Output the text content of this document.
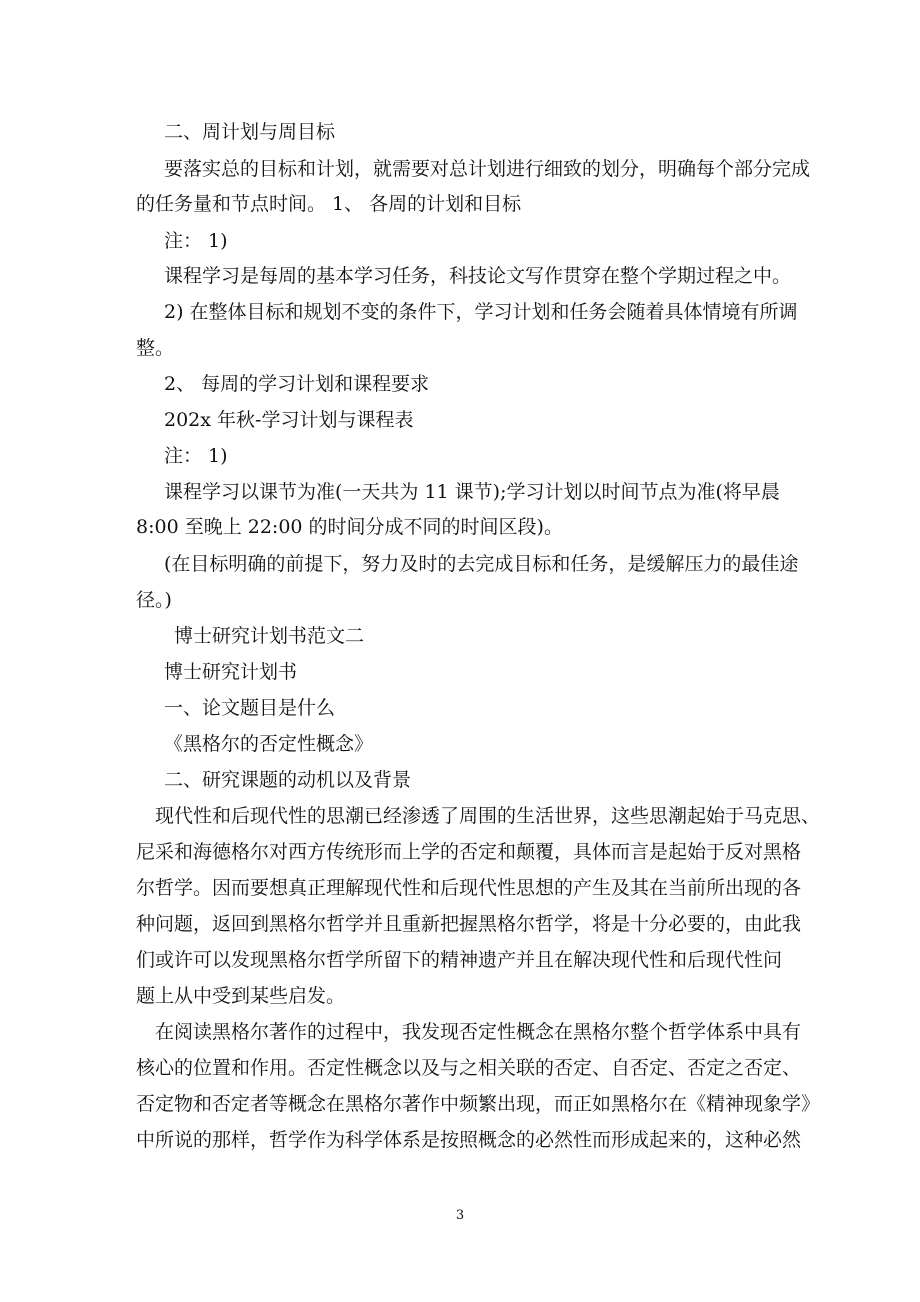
二、周计划与周目标
要落实总的目标和计划，就需要对总计划进行细致的划分，明确每个部分完成
的任务量和节点时间。 1、 各周的计划和目标
注： 1)
课程学习是每周的基本学习任务，科技论文写作贯穿在整个学期过程之中。
2) 在整体目标和规划不变的条件下，学习计划和任务会随着具体情境有所调
整。
2、 每周的学习计划和课程要求
202x 年秋-学习计划与课程表
注： 1)
课程学习以课节为准(一天共为 11 课节);学习计划以时间节点为准(将早晨
8:00 至晚上 22:00 的时间分成不同的时间区段)。
(在目标明确的前提下，努力及时的去完成目标和任务，是缓解压力的最佳途
径。)
博士研究计划书范文二
博士研究计划书
一、论文题目是什么
《黑格尔的否定性概念》
二、研究课题的动机以及背景
现代性和后现代性的思潮已经渗透了周围的生活世界，这些思潮起始于马克思、
尼采和海德格尔对西方传统形而上学的否定和颠覆，具体而言是起始于反对黑格
尔哲学。因而要想真正理解现代性和后现代性思想的产生及其在当前所出现的各
种问题，返回到黑格尔哲学并且重新把握黑格尔哲学，将是十分必要的，由此我
们或许可以发现黑格尔哲学所留下的精神遗产并且在解决现代性和后现代性问
题上从中受到某些启发。
在阅读黑格尔著作的过程中，我发现否定性概念在黑格尔整个哲学体系中具有
核心的位置和作用。否定性概念以及与之相关联的否定、自否定、否定之否定、
否定物和否定者等概念在黑格尔著作中频繁出现，而正如黑格尔在《精神现象学》
中所说的那样，哲学作为科学体系是按照概念的必然性而形成起来的，这种必然
3
